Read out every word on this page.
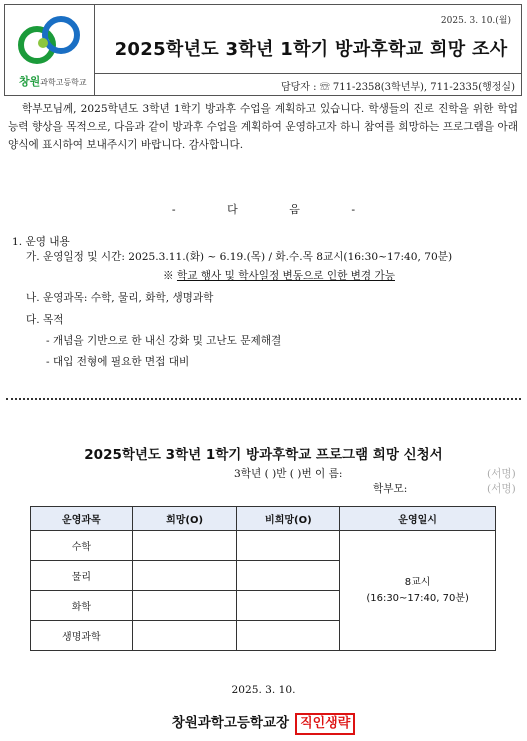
창원과학고등학교
2025. 3. 10.(월)
2025학년도 3학년 1학기 방과후학교 희망 조사
담당자 : ☏ 711-2358(3학년부), 711-2335(행정실)

학부모님께, 2025학년도 3학년 1학기 방과후 수업을 계획하고 있습니다. 학생들의 진로 진학을 위한 학업능력 향상을 목적으로, 다음과 같이 방과후 수업을 계획하여 운영하고자 하니 참여를 희망하는 프로그램을 아래 양식에 표시하여 보내주시기 바랍니다. 감사합니다.

- 다 음 -
1. 운영 내용
가. 운영일정 및 시간: 2025.3.11.(화) ~ 6.19.(목) / 화.수.목 8교시(16:30~17:40, 70분)
※ 학교 행사 및 학사일정 변동으로 인한 변경 가능
나. 운영과목: 수학, 물리, 화학, 생명과학
다. 목적
- 개념을 기반으로 한 내신 강화 및 고난도 문제해결
- 대입 전형에 필요한 면접 대비
2025학년도 3학년 1학기 방과후학교 프로그램 희망 신청서
3학년 ( )반 ( )번 이 름:	(서명)
학부모:	(서명)
운영과목	희망(O)	비희망(O)	운영일시
수학			8교시
(16:30~17:40, 70분)

물리			
화학			
생명과학			
2025. 3. 10.
창원과학고등학교장 직인생략
